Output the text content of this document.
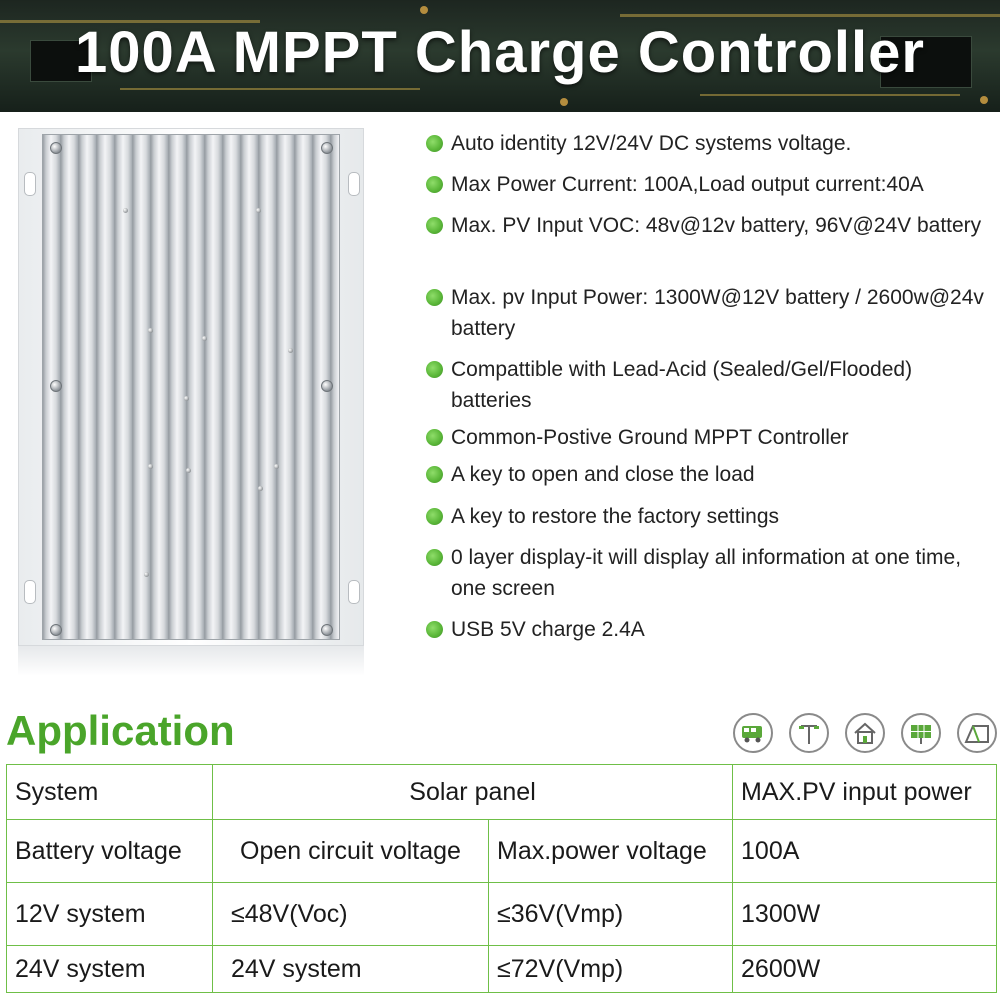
100A MPPT Charge Controller
Auto identity 12V/24V DC systems voltage.
Max Power Current: 100A,Load output current:40A
Max. PV Input VOC: 48v@12v battery, 96V@24V battery
Max. pv Input Power: 1300W@12V battery / 2600w@24v battery
Compattible with Lead-Acid (Sealed/Gel/Flooded) batteries
Common-Postive Ground MPPT Controller
A key to open and close the load
A key to restore the factory settings
0 layer display-it will display all information at one time, one screen
USB 5V charge 2.4A
Application
System	Solar panel		MAX.PV input power
Battery voltage	Open circuit voltage	Max.power voltage	100A
12V system	≤48V(Voc)	≤36V(Vmp)	1300W
24V system	24V system	≤72V(Vmp)	2600W
